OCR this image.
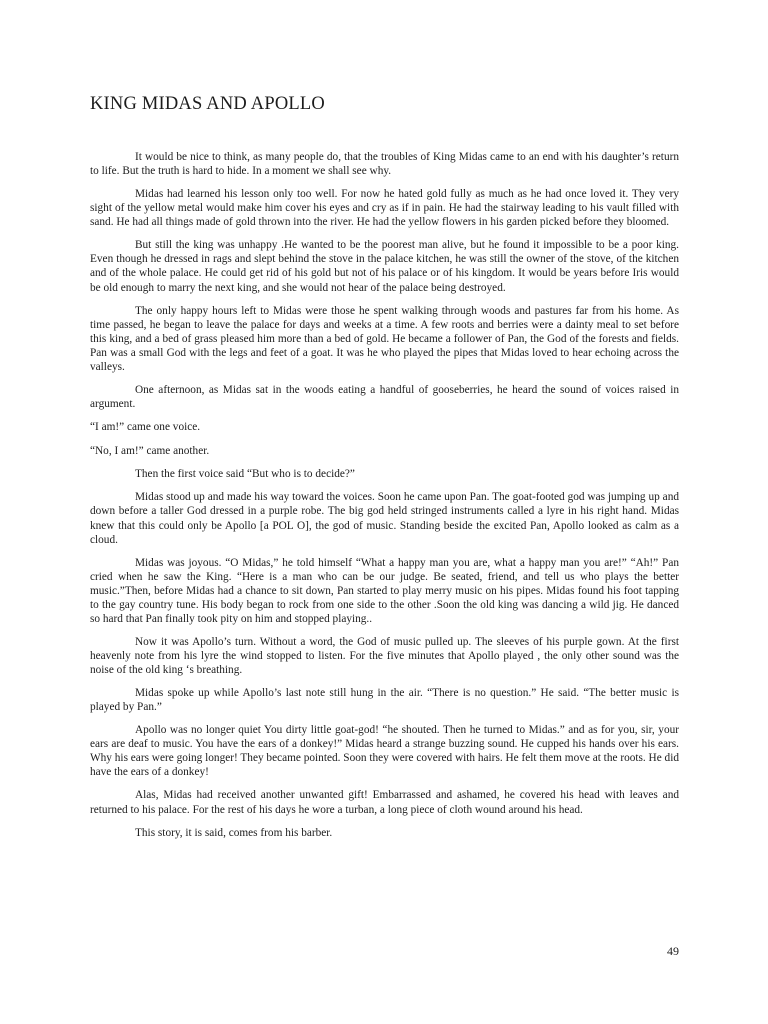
KING MIDAS AND APOLLO

It would be nice to think, as many people do, that the troubles of King Midas came to an end with his daughter’s return to life. But the truth is hard to hide. In a moment we shall see why.

Midas had learned his lesson only too well. For now he hated gold fully as much as he had once loved it. They very sight of the yellow metal would make him cover his eyes and cry as if in pain. He had the stairway leading to his vault filled with sand. He had all things made of gold thrown into the river. He had the yellow flowers in his garden picked before they bloomed.

But still the king was unhappy .He wanted to be the poorest man alive, but he found it impossible to be a poor king. Even though he dressed in rags and slept behind the stove in the palace kitchen, he was still the owner of the stove, of the kitchen and of the whole palace. He could get rid of his gold but not of his palace or of his kingdom. It would be years before Iris would be old enough to marry the next king, and she would not hear of the palace being destroyed.

The only happy hours left to Midas were those he spent walking through woods and pastures far from his home. As time passed, he began to leave the palace for days and weeks at a time. A few roots and berries were a dainty meal to set before this king, and a bed of grass pleased him more than a bed of gold. He became a follower of Pan, the God of the forests and fields. Pan was a small God with the legs and feet of a goat. It was he who played the pipes that Midas loved to hear echoing across the valleys.

One afternoon, as Midas sat in the woods eating a handful of gooseberries, he heard the sound of voices raised in argument.

“I am!” came one voice.

“No, I am!” came another.

Then the first voice said “But who is to decide?”

Midas stood up and made his way toward the voices. Soon he came upon Pan. The goat-footed god was jumping up and down before a taller God dressed in a purple robe. The big god held stringed instruments called a lyre in his right hand. Midas knew that this could only be Apollo [a POL O], the god of music. Standing beside the excited Pan, Apollo looked as calm as a cloud.

Midas was joyous. “O Midas,” he told himself “What a happy man you are, what a happy man you are!” “Ah!” Pan cried when he saw the King. “Here is a man who can be our judge. Be seated, friend, and tell us who plays the better music.”Then, before Midas had a chance to sit down, Pan started to play merry music on his pipes. Midas found his foot tapping to the gay country tune. His body began to rock from one side to the other .Soon the old king was dancing a wild jig. He danced so hard that Pan finally took pity on him and stopped playing..

Now it was Apollo’s turn. Without a word, the God of music pulled up. The sleeves of his purple gown. At the first heavenly note from his lyre the wind stopped to listen. For the five minutes that Apollo played , the only other sound was the noise of the old king ‘s breathing.

Midas spoke up while Apollo’s last note still hung in the air. “There is no question.” He said. “The better music is played by Pan.”

Apollo was no longer quiet You dirty little goat-god! “he shouted. Then he turned to Midas.” and as for you, sir, your ears are deaf to music. You have the ears of a donkey!” Midas heard a strange buzzing sound. He cupped his hands over his ears. Why his ears were going longer! They became pointed. Soon they were covered with hairs. He felt them move at the roots. He did have the ears of a donkey!

Alas, Midas had received another unwanted gift! Embarrassed and ashamed, he covered his head with leaves and returned to his palace. For the rest of his days he wore a turban, a long piece of cloth wound around his head.

This story, it is said, comes from his barber.

49
